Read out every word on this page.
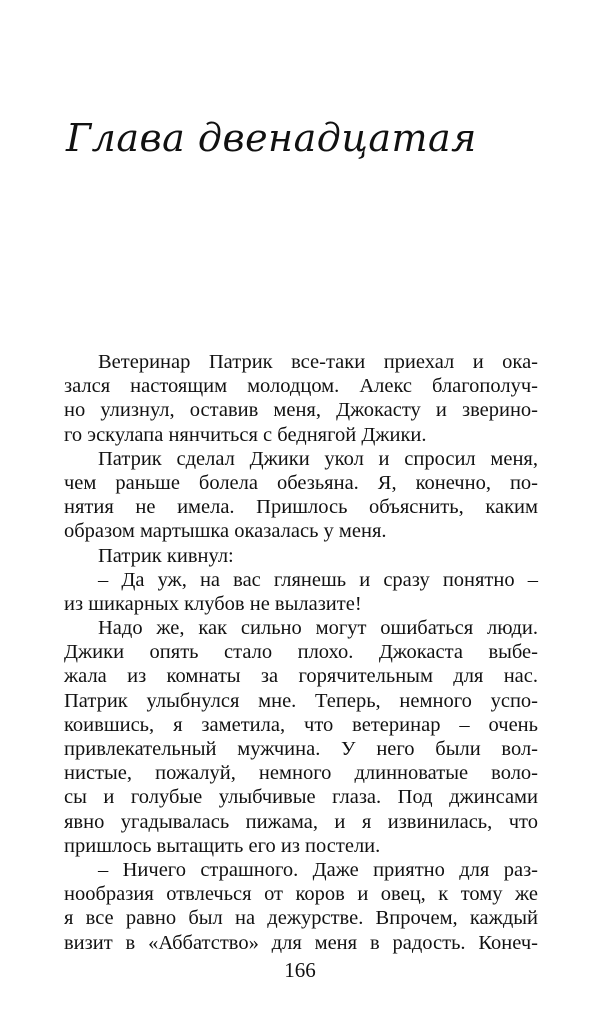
Глава двенадцатая
Ветеринар Патрик все-таки приехал и ока-
зался настоящим молодцом. Алекс благополуч-
но улизнул, оставив меня, Джокасту и зверино-
го эскулапа нянчиться с беднягой Джики.
Патрик сделал Джики укол и спросил меня,
чем раньше болела обезьяна. Я, конечно, по-
нятия не имела. Пришлось объяснить, каким
образом мартышка оказалась у меня.
Патрик кивнул:
– Да уж, на вас глянешь и сразу понятно –
из шикарных клубов не вылазите!
Надо же, как сильно могут ошибаться люди.
Джики опять стало плохо. Джокаста выбе-
жала из комнаты за горячительным для нас.
Патрик улыбнулся мне. Теперь, немного успо-
коившись, я заметила, что ветеринар – очень
привлекательный мужчина. У него были вол-
нистые, пожалуй, немного длинноватые воло-
сы и голубые улыбчивые глаза. Под джинсами
явно угадывалась пижама, и я извинилась, что
пришлось вытащить его из постели.
– Ничего страшного. Даже приятно для раз-
нообразия отвлечься от коров и овец, к тому же
я все равно был на дежурстве. Впрочем, каждый
визит в «Аббатство» для меня в радость. Конеч-
166
